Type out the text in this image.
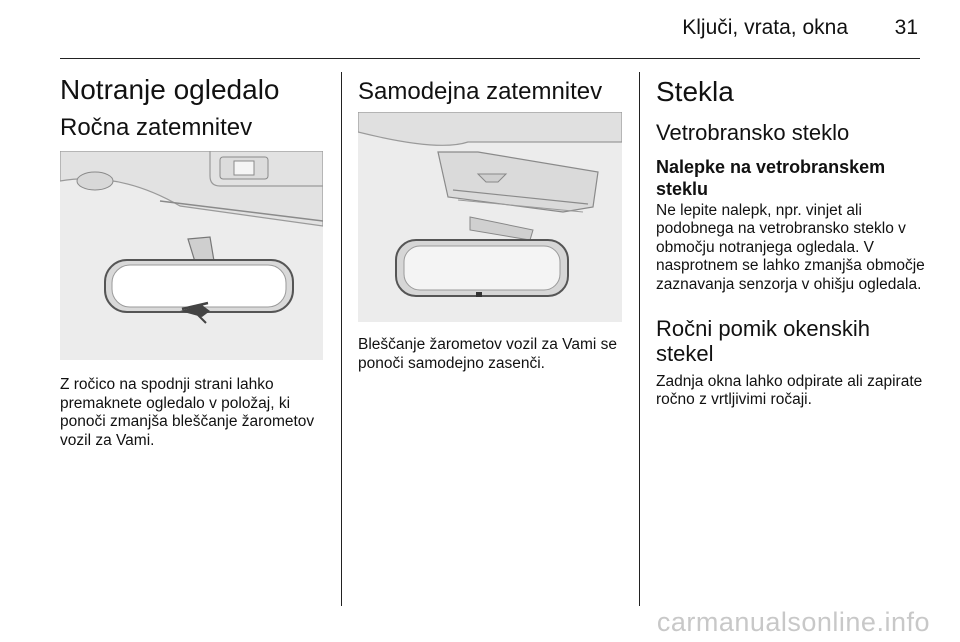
Ključi, vrata, okna 31
Notranje ogledalo
Ročna zatemnitev

Z ročico na spodnji strani lahko premaknete ogledalo v položaj, ki ponoči zmanjša bleščanje žarometov vozil za Vami.

Samodejna zatemnitev

Bleščanje žarometov vozil za Vami se ponoči samodejno zasenči.

Stekla
Vetrobransko steklo
Nalepke na vetrobranskem steklu

Ne lepite nalepk, npr. vinjet ali podobnega na vetrobransko steklo v območju notranjega ogledala. V nasprotnem se lahko zmanjša območje zaznavanja senzorja v ohišju ogledala.

Ročni pomik okenskih stekel

Zadnja okna lahko odpirate ali zapirate ročno z vrtljivimi ročaji.

carmanualsonline.info
